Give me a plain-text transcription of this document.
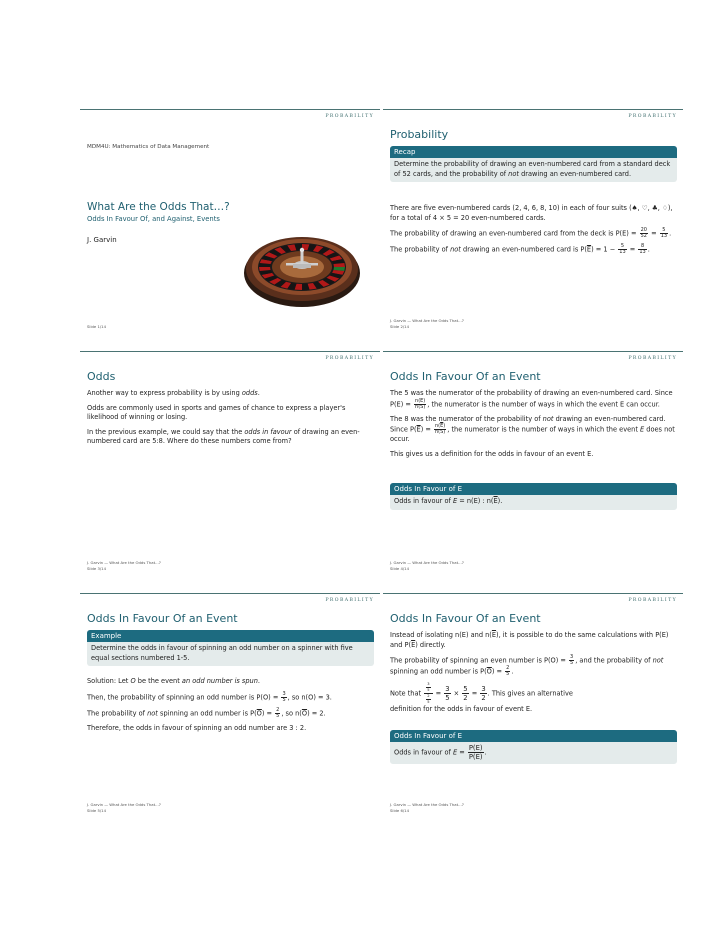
PROBABILITY
MDM4U: Mathematics of Data Management
What Are the Odds That…?
Odds In Favour Of, and Against, Events
J. Garvin
Slide 1/14
PROBABILITY
Probability
Recap
Determine the probability of drawing an even-numbered card from a standard deck of 52 cards, and the probability of not drawing an even-numbered card.

There are five even-numbered cards (2, 4, 6, 8, 10) in each of four suits (♠, ♡, ♣, ♢), for a total of 4 × 5 = 20 even-numbered cards.

The probability of drawing an even-numbered card from the deck is $P(E) = \frac{20}{52} = \frac{5}{13}$ .

The probability of not drawing an even-numbered card is $P(\overline{E}) = 1 - \frac{5}{13} = \frac{8}{13}$ .

J. Garvin — What Are the Odds That…?
Slide 2/14
PROBABILITY
Odds

Another way to express probability is by using odds.

Odds are commonly used in sports and games of chance to express a player's likelihood of winning or losing.

In the previous example, we could say that the odds in favour of drawing an even-numbered card are 5:8. Where do these numbers come from?

J. Garvin — What Are the Odds That…?
Slide 3/14
PROBABILITY
Odds In Favour Of an Event

The 5 was the numerator of the probability of drawing an even-numbered card. Since $P(E) = \frac{n(E)}{n(S)}$ , the numerator is the number of ways in which the event E can occur.

The 8 was the numerator of the probability of not drawing an even-numbered card. Since $P(\overline{E}) = \frac{n(\overline{E})}{n(S)}$ , the numerator is the number of ways in which the event E does not occur.

This gives us a definition for the odds in favour of an event E.

Odds In Favour of E
Odds in favour of E = n(E) : $n(\overline{E})$.
J. Garvin — What Are the Odds That…?
Slide 4/14
PROBABILITY
Odds In Favour Of an Event
Example
Determine the odds in favour of spinning an odd number on a spinner with five equal sections numbered 1-5.

Solution: Let O be the event an odd number is spun.

Then, the probability of spinning an odd number is $P(O) = \frac{3}{5}$ , so n(O) = 3.

The probability of not spinning an odd number is $P(\overline{O}) = \frac{2}{5}$ , so $n(\overline{O}) = 2$.

Therefore, the odds in favour of spinning an odd number are 3 : 2.

J. Garvin — What Are the Odds That…?
Slide 5/14
PROBABILITY
Odds In Favour Of an Event

Instead of isolating n(E) and $n(\overline{E})$, it is possible to do the same calculations with P(E) and $P(\overline{E})$ directly.

The probability of spinning an even number is $P(O) = \frac{3}{5}$ , and the probability of not spinning an odd number is $P(\overline{O}) = \frac{2}{5}$ .

Note that $\frac{\frac{3}{5}}{\frac{2}{5}} = \frac{3}{5} \times \frac{5}{2} = \frac{3}{2}$ . This gives an alternative

definition for the odds in favour of event E.

Odds In Favour of E
Odds in favour of $E = \frac{P(E)}{P(\overline{E})}$ .
J. Garvin — What Are the Odds That…?
Slide 6/14
